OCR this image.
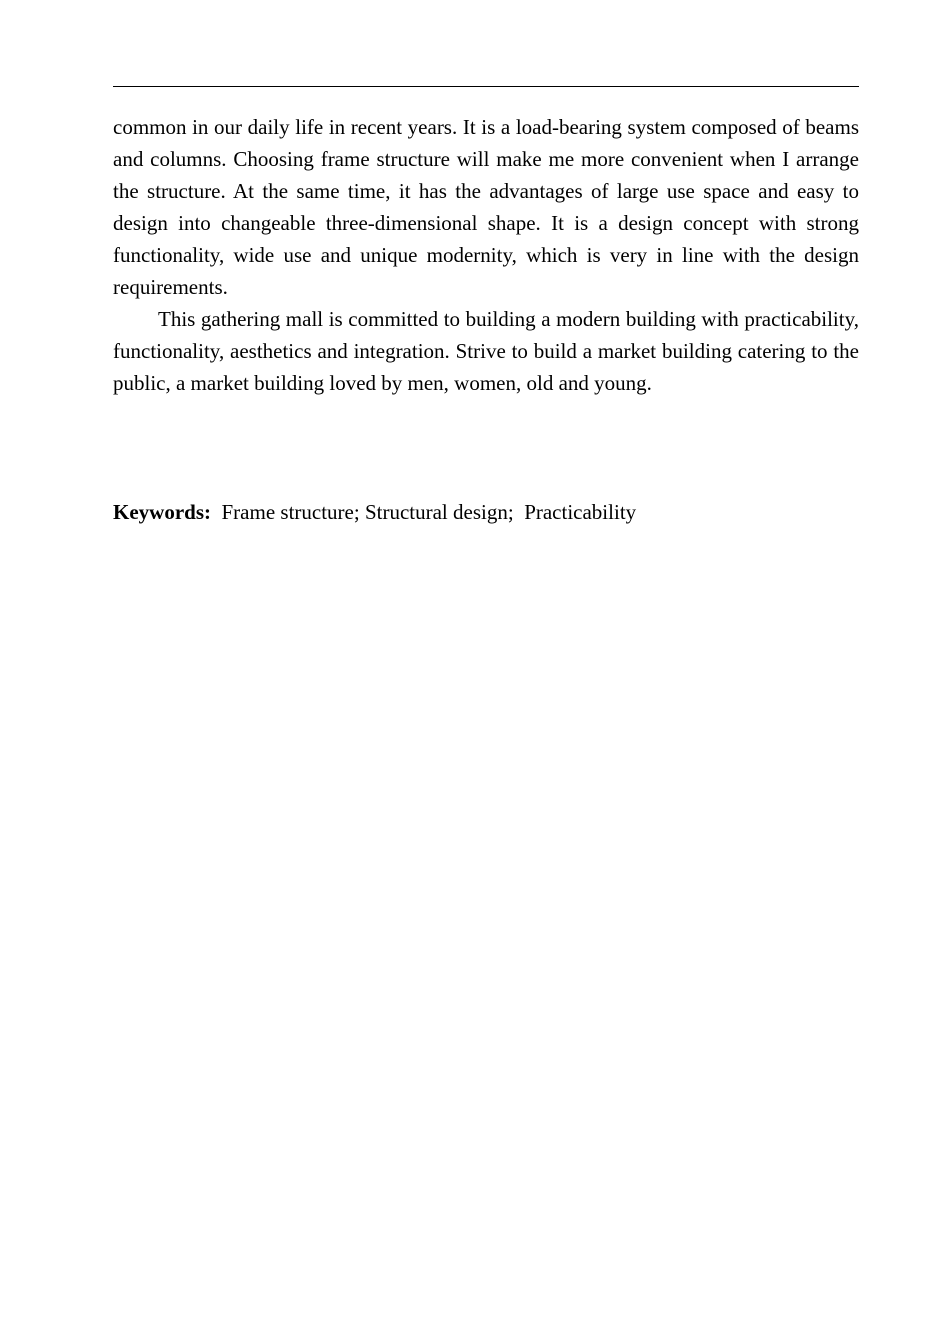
common in our daily life in recent years. It is a load-bearing system composed of beams and columns. Choosing frame structure will make me more convenient when I arrange the structure. At the same time, it has the advantages of large use space and easy to design into changeable three-dimensional shape. It is a design concept with strong functionality, wide use and unique modernity, which is very in line with the design requirements.

This gathering mall is committed to building a modern building with practicability, functionality, aesthetics and integration. Strive to build a market building catering to the public, a market building loved by men, women, old and young.

Keywords: Frame structure; Structural design; Practicability
